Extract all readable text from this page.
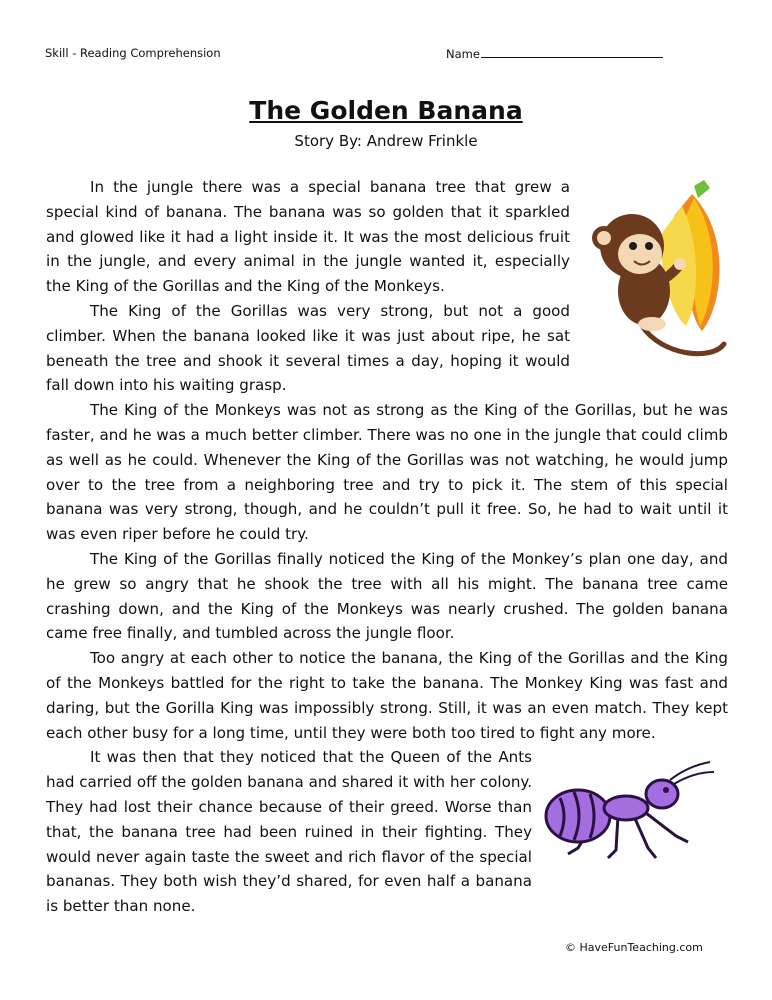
Skill - Reading Comprehension	Name
The Golden Banana
Story By: Andrew Frinkle

In the jungle there was a special banana tree that grew a special kind of banana. The banana was so golden that it sparkled and glowed like it had a light inside it. It was the most delicious fruit in the jungle, and every animal in the jungle wanted it, especially the King of the Gorillas and the King of the Monkeys.

The King of the Gorillas was very strong, but not a good climber. When the banana looked like it was just about ripe, he sat beneath the tree and shook it several times a day, hoping it would fall down into his waiting grasp.

The King of the Monkeys was not as strong as the King of the Gorillas, but he was faster, and he was a much better climber. There was no one in the jungle that could climb as well as he could. Whenever the King of the Gorillas was not watching, he would jump over to the tree from a neighboring tree and try to pick it. The stem of this special banana was very strong, though, and he couldn’t pull it free. So, he had to wait until it was even riper before he could try.

The King of the Gorillas finally noticed the King of the Monkey’s plan one day, and he grew so angry that he shook the tree with all his might. The banana tree came crashing down, and the King of the Monkeys was nearly crushed. The golden banana came free finally, and tumbled across the jungle floor.

Too angry at each other to notice the banana, the King of the Gorillas and the King of the Monkeys battled for the right to take the banana. The Monkey King was fast and daring, but the Gorilla King was impossibly strong. Still, it was an even match. They kept each other busy for a long time, until they were both too tired to fight any more.

It was then that they noticed that the Queen of the Ants had carried off the golden banana and shared it with her colony. They had lost their chance because of their greed. Worse than that, the banana tree had been ruined in their fighting. They would never again taste the sweet and rich flavor of the special bananas. They both wish they’d shared, for even half a banana is better than none.

© HaveFunTeaching.com
